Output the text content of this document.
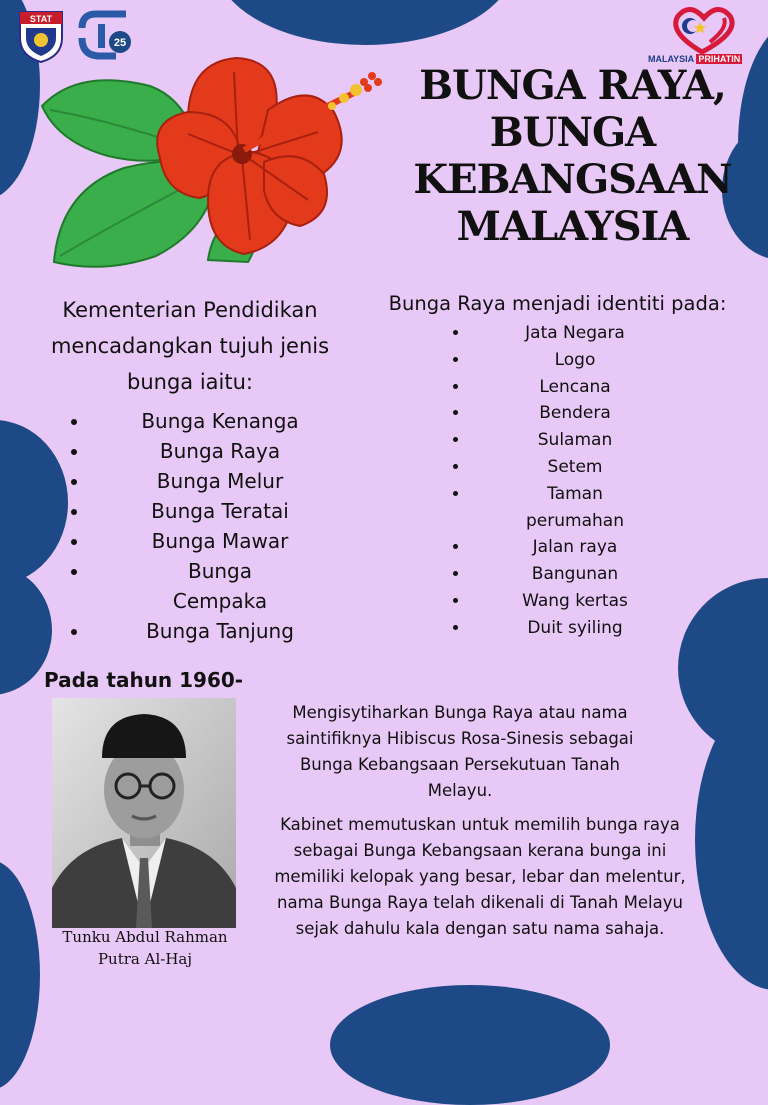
STAT
25
MALAYSIA PRIHATIN
BUNGA RAYA,
BUNGA
KEBANGSAAN
MALAYSIA

Kementerian Pendidikan mencadangkan tujuh jenis bunga iaitu:

• Bunga Kenanga
• Bunga Raya
• Bunga Melur
• Bunga Teratai
• Bunga Mawar
• Bunga Cempaka
• Bunga Tanjung

Bunga Raya menjadi identiti pada:

• Jata Negara
• Logo
• Lencana
• Bendera
• Sulaman
• Setem
• Taman perumahan
• Jalan raya
• Bangunan
• Wang kertas
• Duit syiling
Pada tahun 1960-
Tunku Abdul Rahman Putra Al-Haj

Mengisytiharkan Bunga Raya atau nama saintifiknya Hibiscus Rosa-Sinesis sebagai Bunga Kebangsaan Persekutuan Tanah Melayu.

Kabinet memutuskan untuk memilih bunga raya sebagai Bunga Kebangsaan kerana bunga ini memiliki kelopak yang besar, lebar dan melentur, nama Bunga Raya telah dikenali di Tanah Melayu sejak dahulu kala dengan satu nama sahaja.
